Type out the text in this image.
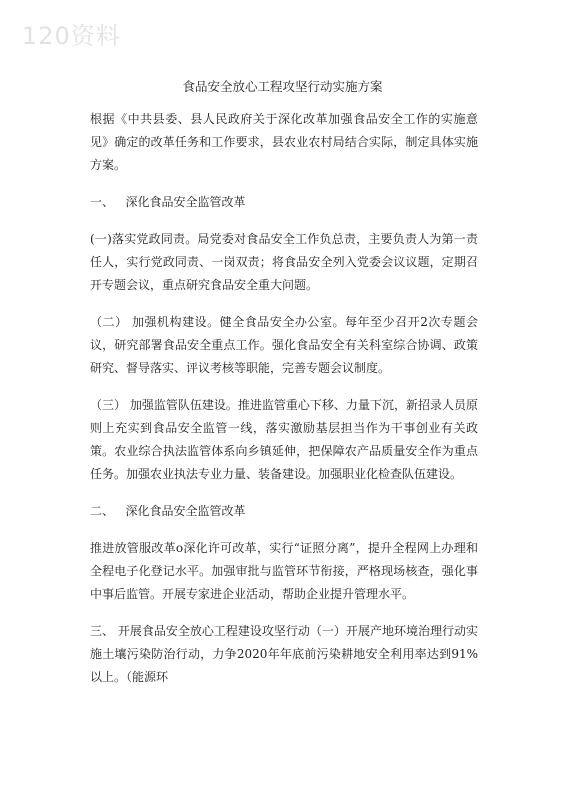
120资料
食品安全放心工程攻坚行动实施方案

根据《中共县委、县人民政府关于深化改革加强食品安全工作的实施意见》确定的改革任务和工作要求，县农业农村局结合实际，制定具体实施方案。

一、   深化食品安全监管改革

(一)落实党政同责。局党委对食品安全工作负总责，主要负责人为第一责任人，实行党政同责、一岗双责；将食品安全列入党委会议议题，定期召开专题会议，重点研究食品安全重大问题。

（二） 加强机构建设。健全食品安全办公室。每年至少召开2次专题会议，研究部署食品安全重点工作。强化食品安全有关科室综合协调、政策研究、督导落实、评议考核等职能，完善专题会议制度。

（三） 加强监管队伍建设。推进监管重心下移、力量下沉，新招录人员原则上充实到食品安全监管一线，落实激励基层担当作为干事创业有关政策。农业综合执法监管体系向乡镇延伸，把保障农产品质量安全作为重点任务。加强农业执法专业力量、装备建设。加强职业化检查队伍建设。

二、   深化食品安全监管改革

推进放管服改革o深化许可改革，实行“证照分离”，提升全程网上办理和全程电子化登记水平。加强审批与监管环节衔接，严格现场核查，强化事中事后监管。开展专家进企业活动，帮助企业提升管理水平。

三、 开展食品安全放心工程建设攻坚行动（一）开展产地环境治理行动实施土壤污染防治行动，力争2020年年底前污染耕地安全利用率达到91%以上。（能源环
